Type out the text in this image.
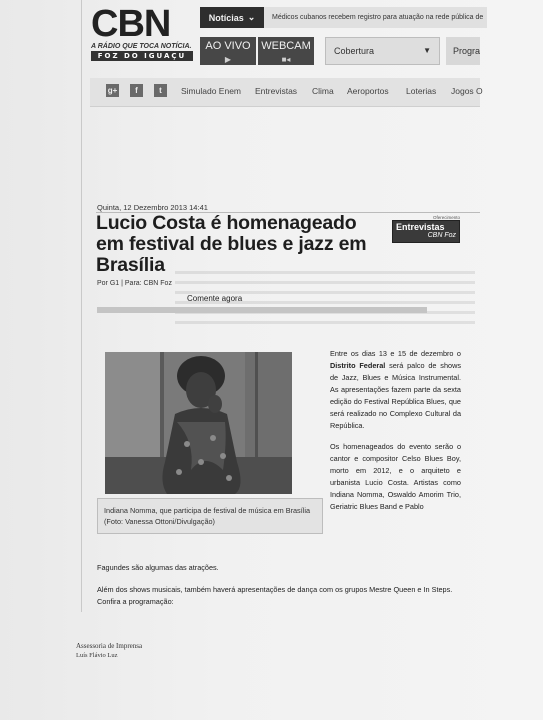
CBN
A RÁDIO QUE TOCA NOTÍCIA.
FOZ DO IGUAÇU
Notícias ⌄	Médicos cubanos recebem registro para atuação na rede pública de
AO VIVO
▶
WEBCAM
■◂
Cobertura	▼	Progra
g+	f	t	Simulado Enem Entrevistas Clima Aeroportos Loterias Jogos O
Quinta, 12 Dezembro 2013 14:41
Lucio Costa é homenageado em festival de blues e jazz em Brasília
Oferecimento
Entrevistas
CBN Foz
Por G1 | Para: CBN Foz
Comente agora
Indiana Nomma, que participa de festival de música em Brasília (Foto: Vanessa Ottoni/Divulgação)

Entre os dias 13 e 15 de dezembro o Distrito Federal será palco de shows de Jazz, Blues e Música Instrumental. As apresentações fazem parte da sexta edição do Festival República Blues, que será realizado no Complexo Cultural da República.

Os homenageados do evento serão o cantor e compositor Celso Blues Boy, morto em 2012, e o arquiteto e urbanista Lucio Costa. Artistas como Indiana Nomma, Oswaldo Amorim Trio, Geriatric Blues Band e Pablo

Fagundes são algumas das atrações.
Além dos shows musicais, também haverá apresentações de dança com os grupos Mestre Queen e In Steps. Confira a programação:
Assessoria de Imprensa
Luís Flávio Luz
